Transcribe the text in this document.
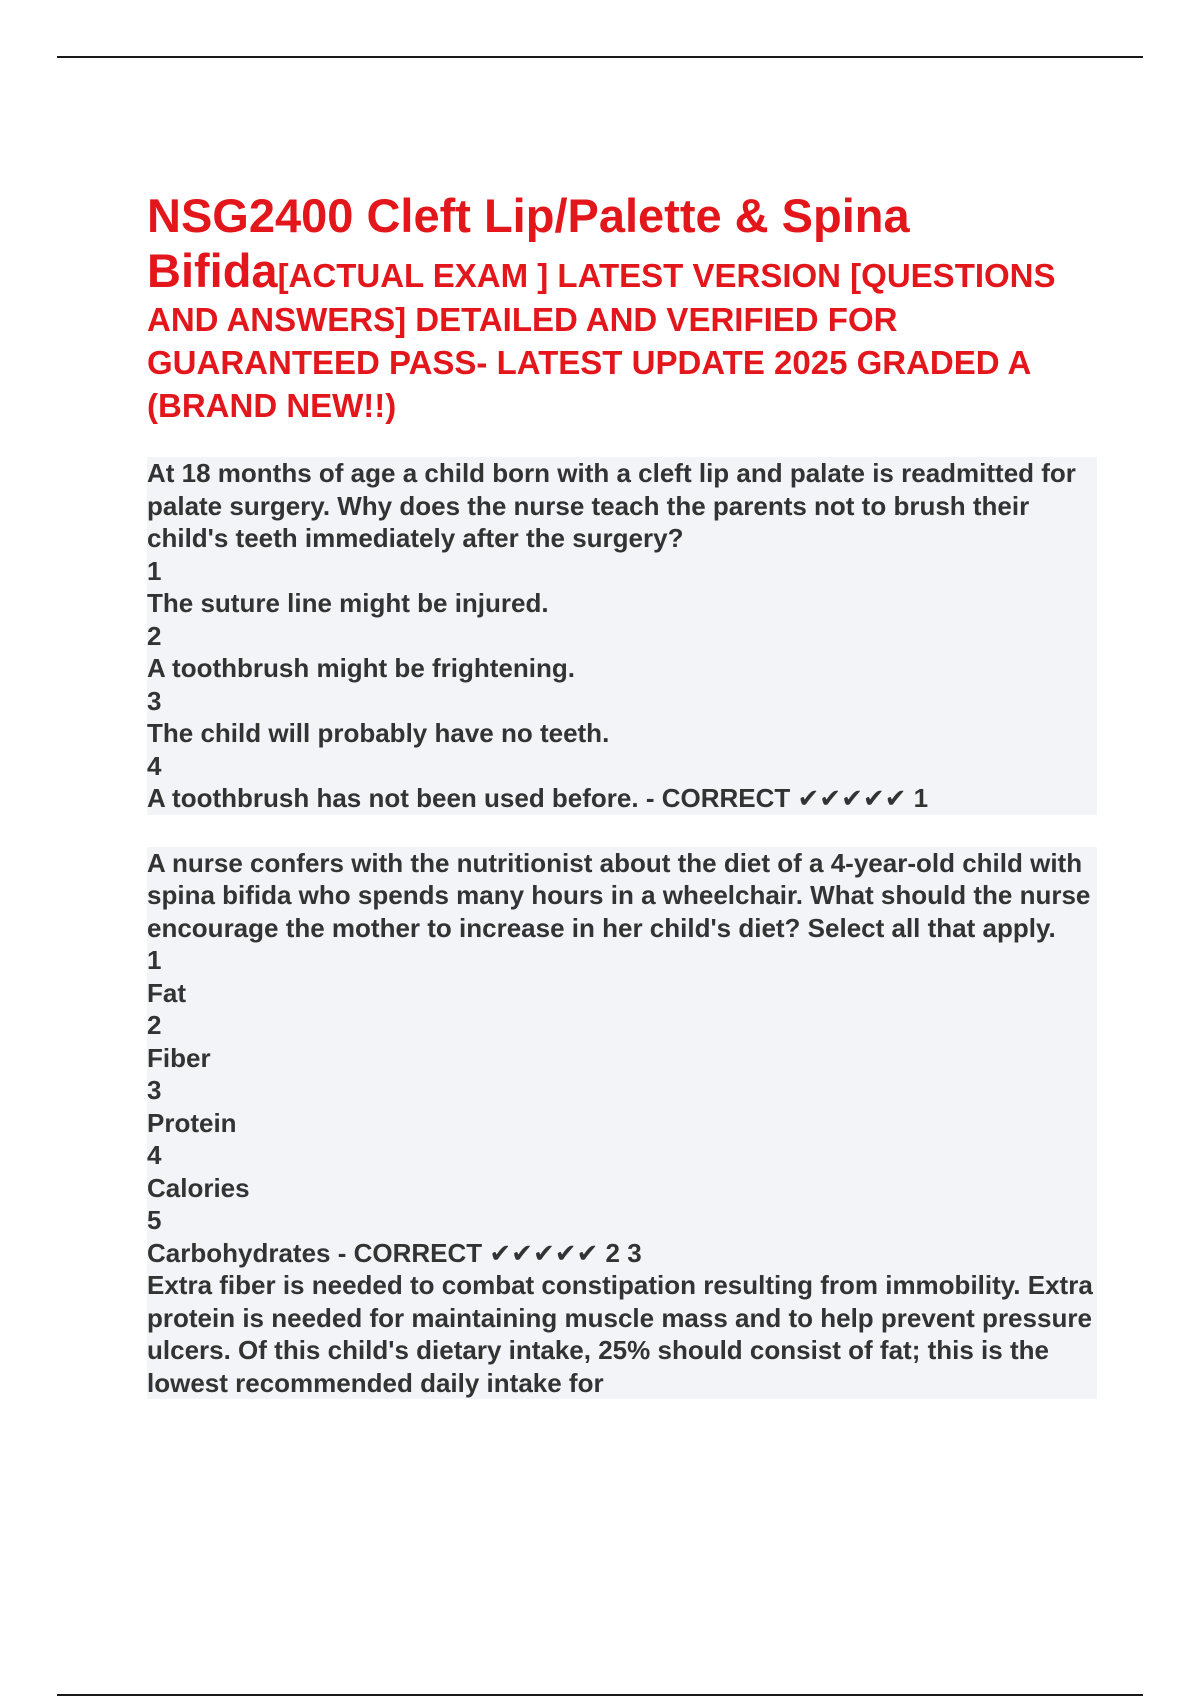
NSG2400 Cleft Lip/Palette & Spina Bifida[ACTUAL EXAM ] LATEST VERSION [QUESTIONS AND ANSWERS] DETAILED AND VERIFIED FOR GUARANTEED PASS- LATEST UPDATE 2025 GRADED A (BRAND NEW!!)
At 18 months of age a child born with a cleft lip and palate is readmitted for palate surgery. Why does the nurse teach the parents not to brush their child's teeth immediately after the surgery?
1
The suture line might be injured.
2
A toothbrush might be frightening.
3
The child will probably have no teeth.
4
A toothbrush has not been used before. - CORRECT ✔✔✔✔✔ 1
A nurse confers with the nutritionist about the diet of a 4-year-old child with spina bifida who spends many hours in a wheelchair. What should the nurse encourage the mother to increase in her child's diet? Select all that apply.
1
Fat
2
Fiber
3
Protein
4
Calories
5
Carbohydrates - CORRECT ✔✔✔✔✔ 2 3
Extra fiber is needed to combat constipation resulting from immobility. Extra protein is needed for maintaining muscle mass and to help prevent pressure ulcers. Of this child's dietary intake, 25% should consist of fat; this is the lowest recommended daily intake for
